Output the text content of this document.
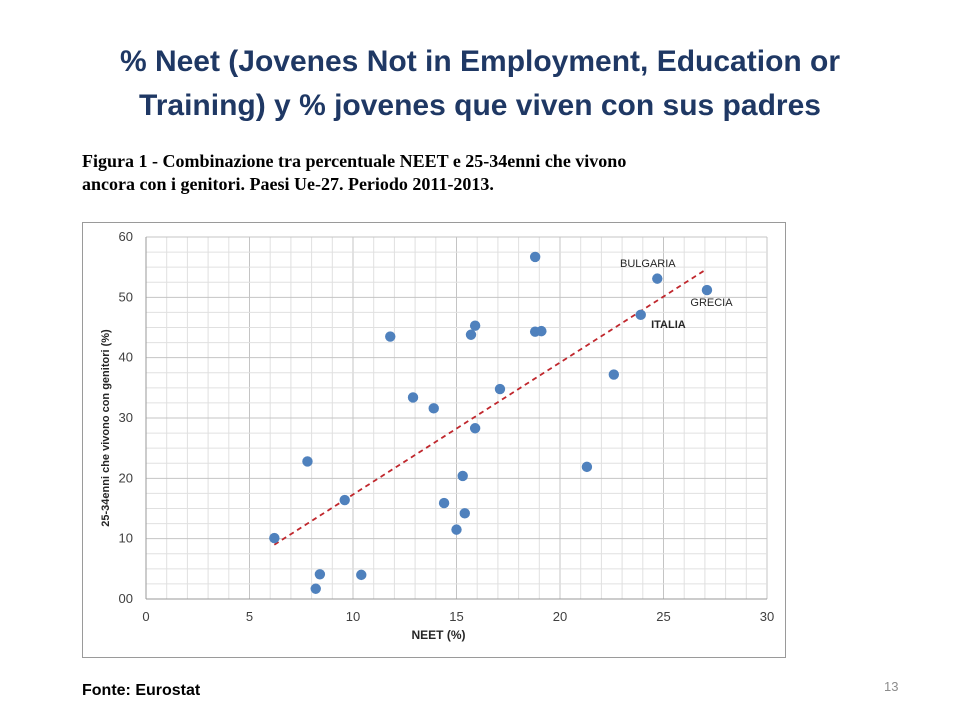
% Neet (Jovenes Not in Employment, Education or
Training) y % jovenes que viven con sus padres
Figura 1 - Combinazione tra percentuale NEET e 25-34enni che vivono
ancora con i genitori. Paesi Ue-27. Periodo 2011-2013.
0	5	10	15	20	25	30
00
10
20
30
40
50
60
NEET (%)
25-34enni che vivono con genitori (%)
BULGARIA
GRECIA
ITALIA
Fonte: Eurostat	13
